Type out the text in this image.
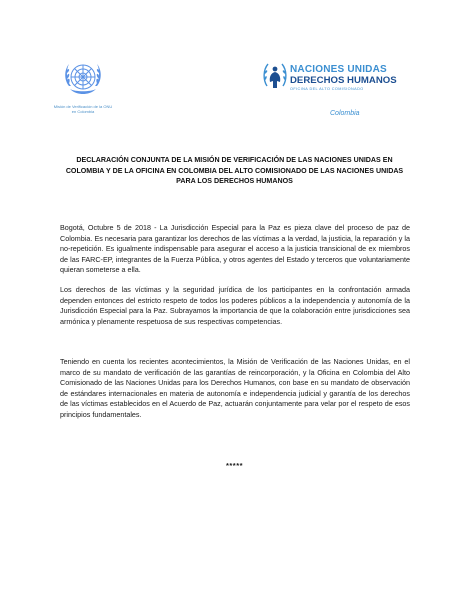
Misión de Verificación de la ONU en Colombia
NACIONES UNIDAS
DERECHOS HUMANOS
OFICINA DEL ALTO COMISIONADO
Colombia
DECLARACIÓN CONJUNTA DE LA MISIÓN DE VERIFICACIÓN DE LAS NACIONES UNIDAS EN COLOMBIA Y DE LA OFICINA EN COLOMBIA DEL ALTO COMISIONADO DE LAS NACIONES UNIDAS PARA LOS DERECHOS HUMANOS

Bogotá, Octubre 5 de 2018 - La Jurisdicción Especial para la Paz es pieza clave del proceso de paz de Colombia. Es necesaria para garantizar los derechos de las víctimas a la verdad, la justicia, la reparación y la no-repetición. Es igualmente indispensable para asegurar el acceso a la justicia transicional de ex miembros de las FARC-EP, integrantes de la Fuerza Pública, y otros agentes del Estado y terceros que voluntariamente quieran someterse a ella.

Los derechos de las víctimas y la seguridad jurídica de los participantes en la confrontación armada dependen entonces del estricto respeto de todos los poderes públicos a la independencia y autonomía de la Jurisdicción Especial para la Paz. Subrayamos la importancia de que la colaboración entre jurisdicciones sea armónica y plenamente respetuosa de sus respectivas competencias.

Teniendo en cuenta los recientes acontecimientos, la Misión de Verificación de las Naciones Unidas, en el marco de su mandato de verificación de las garantías de reincorporación, y la Oficina en Colombia del Alto Comisionado de las Naciones Unidas para los Derechos Humanos, con base en su mandato de observación de estándares internacionales en materia de autonomía e independencia judicial y garantía de los derechos de las víctimas establecidos en el Acuerdo de Paz, actuarán conjuntamente para velar por el respeto de esos principios fundamentales.

*****
